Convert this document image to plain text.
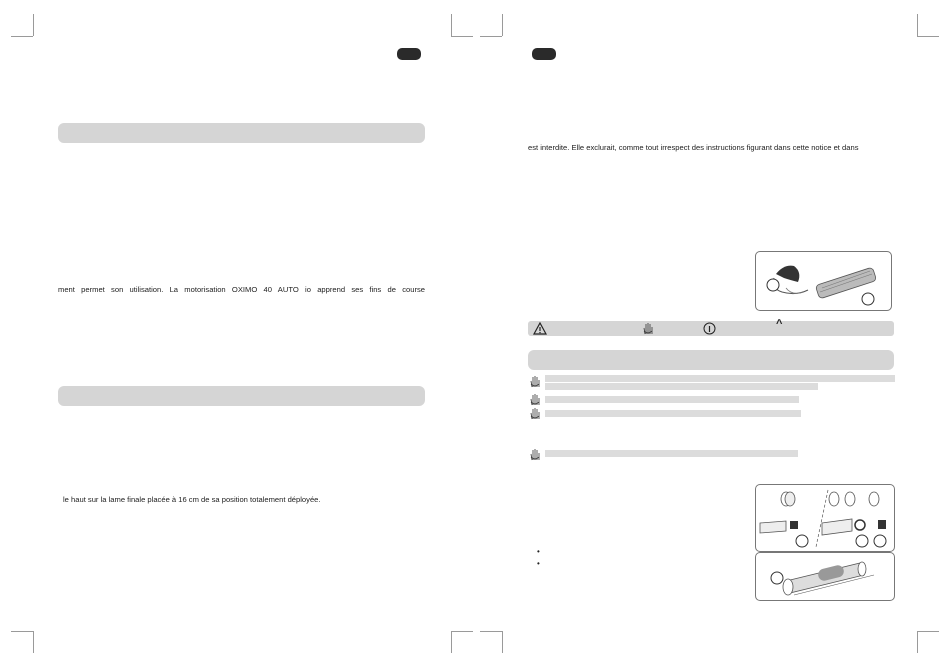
ment permet son utilisation. La motorisation OXIMO 40 AUTO io apprend ses fins de course
le haut sur la lame finale placée à 16 cm de sa position totalement déployée.
est interdite. Elle exclurait, comme tout irrespect des instructions figurant dans cette notice et dans
^
•
•
